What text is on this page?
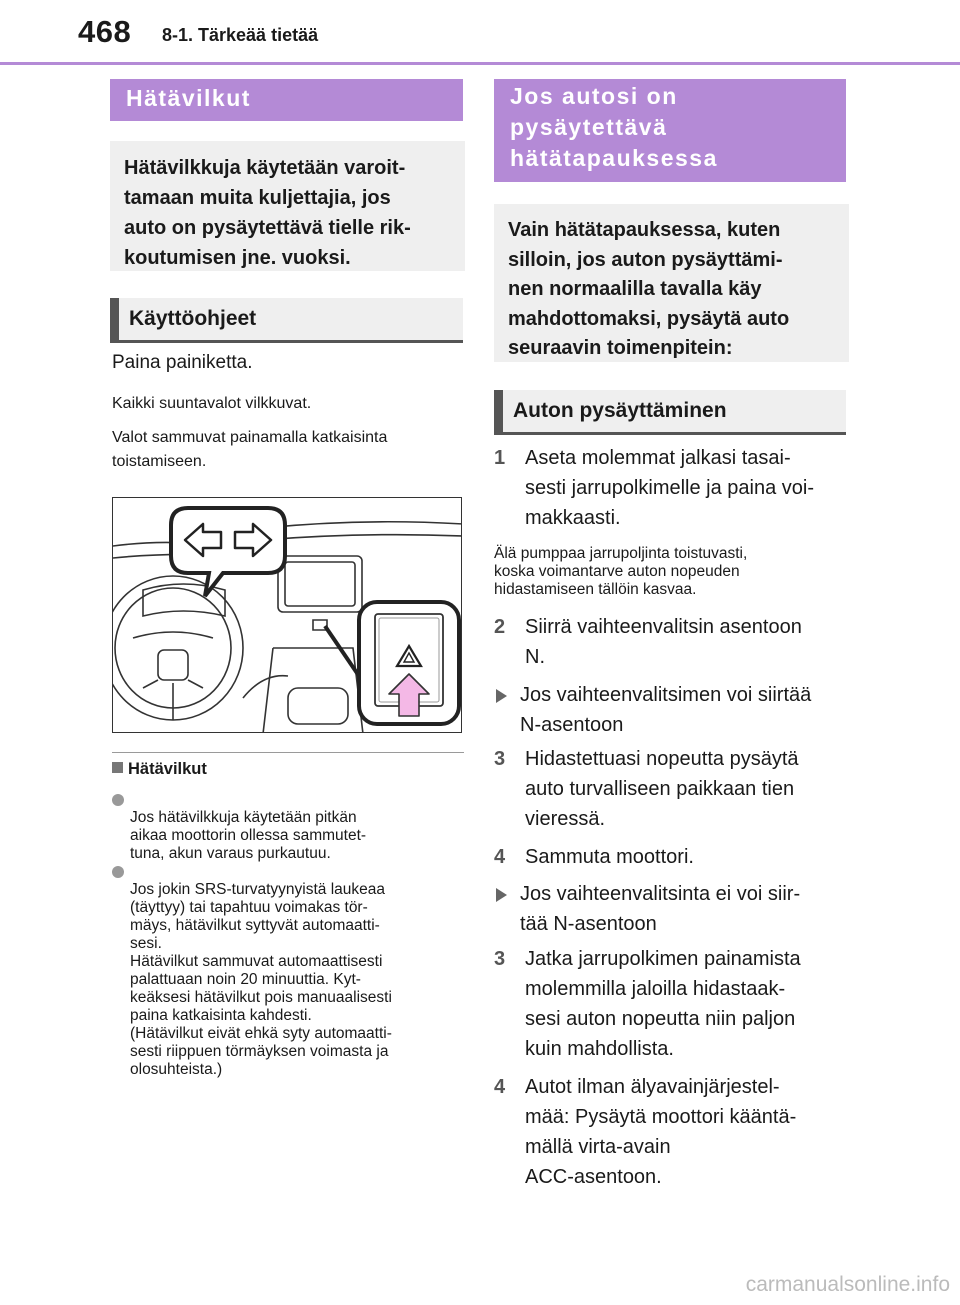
468 8-1. Tärkeää tietää
Hätävilkut
Hätävilkkuja käytetään varoit-
tamaan muita kuljettajia, jos
auto on pysäytettävä tielle rik-
koutumisen jne. vuoksi.
Käyttöohjeet
Paina painiketta.
Kaikki suuntavalot vilkkuvat.
Valot sammuvat painamalla katkaisinta
toistamiseen.
Hätävilkut

Jos hätävilkkuja käytetään pitkän
aikaa moottorin ollessa sammutet-
tuna, akun varaus purkautuu.

Jos jokin SRS-turvatyynyistä laukeaa
(täyttyy) tai tapahtuu voimakas tör-
mäys, hätävilkut syttyvät automaatti-
sesi.
Hätävilkut sammuvat automaattisesti
palattuaan noin 20 minuuttia. Kyt-
keäksesi hätävilkut pois manuaalisesti
paina katkaisinta kahdesti.
(Hätävilkut eivät ehkä syty automaatti-
sesti riippuen törmäyksen voimasta ja
olosuhteista.)

Jos autosi on
pysäytettävä
hätätapauksessa
Vain hätätapauksessa, kuten
silloin, jos auton pysäyttämi-
nen normaalilla tavalla käy
mahdottomaksi, pysäytä auto
seuraavin toimenpitein:
Auton pysäyttäminen
1 Aseta molemmat jalkasi tasai-
sesti jarrupolkimelle ja paina voi-
makkaasti.
Älä pumppaa jarrupoljinta toistuvasti,
koska voimantarve auton nopeuden
hidastamiseen tällöin kasvaa.
2 Siirrä vaihteenvalitsin asentoon
N.
Jos vaihteenvalitsimen voi siirtää
N-asentoon
3 Hidastettuasi nopeutta pysäytä
auto turvalliseen paikkaan tien
vieressä.
4 Sammuta moottori.
Jos vaihteenvalitsinta ei voi siir-
tää N-asentoon
3 Jatka jarrupolkimen painamista
molemmilla jaloilla hidastaak-
sesi auton nopeutta niin paljon
kuin mahdollista.
4 Autot ilman älyavainjärjestel-
mää: Pysäytä moottori kääntä-
mällä virta-avain
ACC-asentoon.
carmanualsonline.info
